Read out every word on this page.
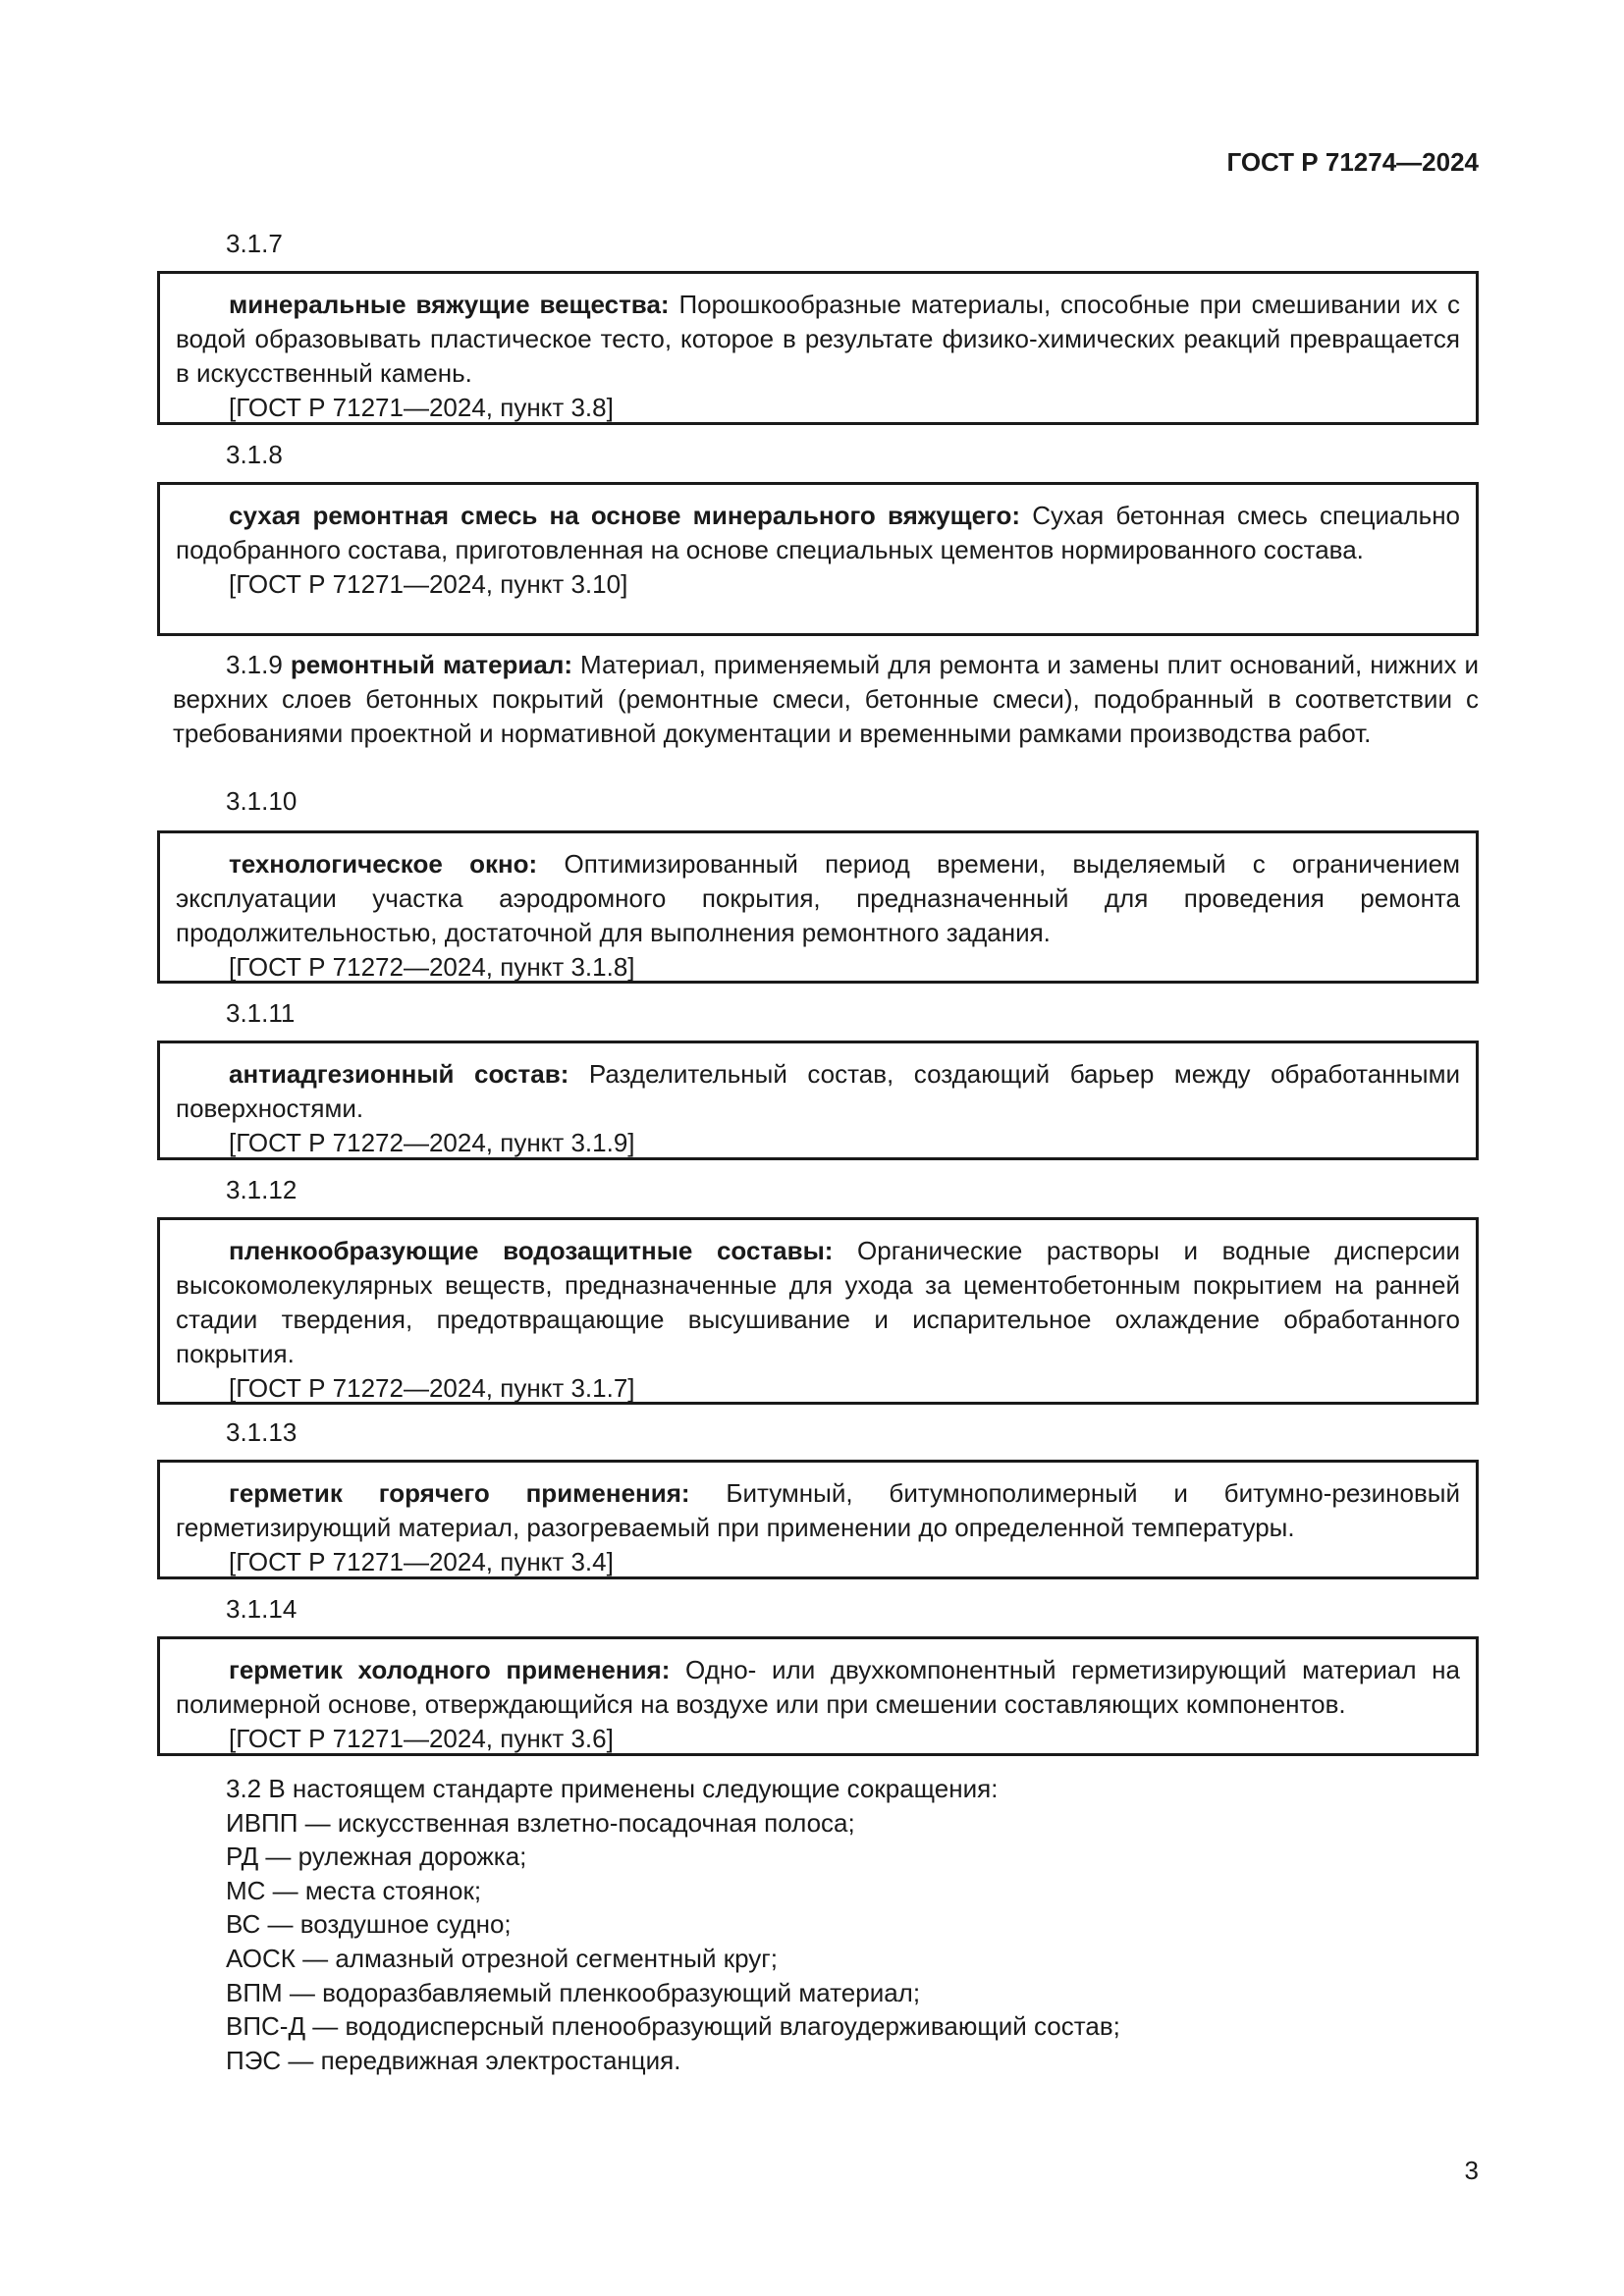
ГОСТ Р 71274—2024
3.1.7

минеральные вяжущие вещества: Порошкообразные материалы, способные при смешивании их с водой образовывать пластическое тесто, которое в результате физико-химических реакций превращается в искусственный камень.

[ГОСТ Р 71271—2024, пункт 3.8]
3.1.8

сухая ремонтная смесь на основе минерального вяжущего: Сухая бетонная смесь специально подобранного состава, приготовленная на основе специальных цементов нормированного состава.

[ГОСТ Р 71271—2024, пункт 3.10]

3.1.9 ремонтный материал: Материал, применяемый для ремонта и замены плит оснований, нижних и верхних слоев бетонных покрытий (ремонтные смеси, бетонные смеси), подобранный в соответствии с требованиями проектной и нормативной документации и временными рамками производства работ.

3.1.10

технологическое окно: Оптимизированный период времени, выделяемый с ограничением эксплуатации участка аэродромного покрытия, предназначенный для проведения ремонта продолжительностью, достаточной для выполнения ремонтного задания.

[ГОСТ Р 71272—2024, пункт 3.1.8]
3.1.11

антиадгезионный состав: Разделительный состав, создающий барьер между обработанными поверхностями.

[ГОСТ Р 71272—2024, пункт 3.1.9]
3.1.12

пленкообразующие водозащитные составы: Органические растворы и водные дисперсии высокомолекулярных веществ, предназначенные для ухода за цементобетонным покрытием на ранней стадии твердения, предотвращающие высушивание и испарительное охлаждение обработанного покрытия.

[ГОСТ Р 71272—2024, пункт 3.1.7]
3.1.13

герметик горячего применения: Битумный, битумнополимерный и битумно-резиновый герметизирующий материал, разогреваемый при применении до определенной температуры.

[ГОСТ Р 71271—2024, пункт 3.4]
3.1.14

герметик холодного применения: Одно- или двухкомпонентный герметизирующий материал на полимерной основе, отверждающийся на воздухе или при смешении составляющих компонентов.

[ГОСТ Р 71271—2024, пункт 3.6]
3.2 В настоящем стандарте применены следующие сокращения:
ИВПП — искусственная взлетно-посадочная полоса;
РД — рулежная дорожка;
МС — места стоянок;
ВС — воздушное судно;
АОСК — алмазный отрезной сегментный круг;
ВПМ — водоразбавляемый пленкообразующий материал;
ВПС-Д — вододисперсный пленообразующий влагоудерживающий состав;
ПЭС — передвижная электростанция.
3
